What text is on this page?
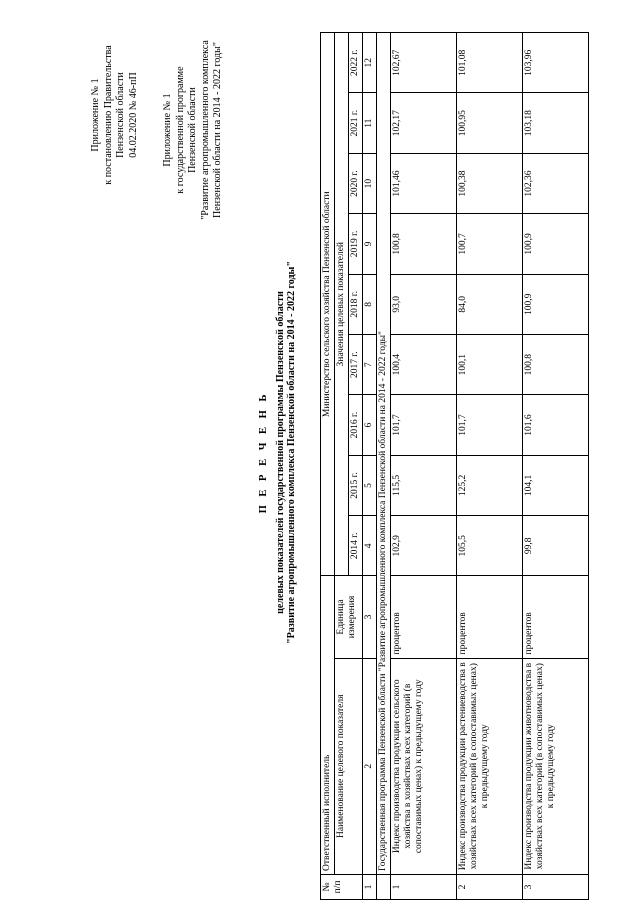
Приложение № 1 к постановлению Правительства Пензенской области 04.02.2020 № 46-пП Приложение № 1 к государственной программе Пензенской области "Развитие агропромышленного комплекса Пензенской области на 2014 - 2022 годы"
П Е Р Е Ч Е Н Ь целевых показателей государственной программы Пензенской области "Развитие агропромышленного комплекса Пензенской области на 2014 - 2022 годы"
№ п/п	Ответственный исполнитель		Министерство сельского хозяйства Пензенской области								
	Наименование целевого показателя	Единица измерения	Значения целевых показателей								
			2014 г.	2015 г.	2016 г.	2017 г.	2018 г.	2019 г.	2020 г.	2021 г.	2022 г.
1	2	3	4	5	6	7	8	9	10	11	12
	Государственная программа Пензенской области "Развитие агропромышленного комплекса Пензенской области на 2014 - 2022 годы"										
1	Индекс производства продукции сельского хозяйства в хозяйствах всех категорий (в сопоставимых ценах) к предыдущему году	процентов	102,9	115,5	101,7	100,4	93,0	100,8	101,46	102,17	102,67
2	Индекс производства продукции растениеводства в хозяйствах всех категорий (в сопоставимых ценах) к предыдущему году	процентов	105,5	125,2	101,7	100,1	84,0	100,7	100,38	100,95	101,08
3	Индекс производства продукции животноводства в хозяйствах всех категорий (в сопоставимых ценах) к предыдущему году	процентов	99,8	104,1	101,6	100,8	100,9	100,9	102,36	103,18	103,96
